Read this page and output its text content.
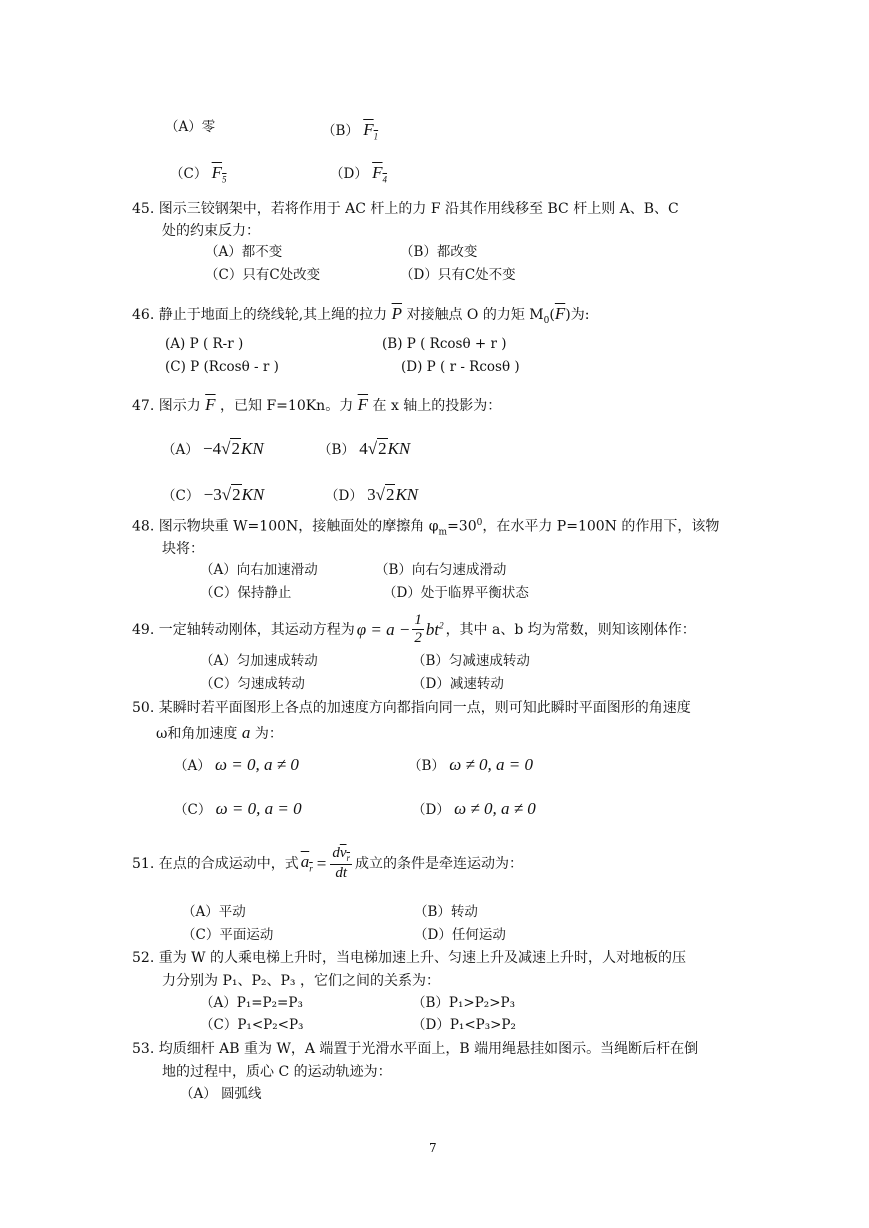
（A）零	（B） $F_1$
（C） $F_5$	（D） $F_4$
45. 图示三铰钢架中，若将作用于 AC 杆上的力 F 沿其作用线移至 BC 杆上则 A、B、C
处的约束反力：
（A）都不变	（B）都改变
（C）只有C处改变	（D）只有C处不变
46. 静止于地面上的绕线轮,其上绳的拉力 $\overline{P}$ 对接触点 O 的力矩 $M_0(\overline{F})$为:
(A) P ( R-r )	(B) P ( Rcosθ + r )
(C) P (Rcosθ - r )	(D) P ( r - Rcosθ )
47. 图示力 $\overline{F}$ ，已知 F=10Kn。力 $\overline{F}$ 在 x 轴上的投影为：
（A） −4√2KN	（B） 4√2KN
（C） −3√2KN	（D） 3√2KN
48. 图示物块重 W=100N，接触面处的摩擦角 $\varphi_m=30^0$，在水平力 P=100N 的作用下，该物
块将：
（A）向右加速滑动	（B）向右匀速成滑动
（C）保持静止	（D）处于临界平衡状态
49. 一定轴转动刚体，其运动方程为 $\varphi = a - \frac{1}{2} bt^2$ ，其中 a、b 均为常数，则知该刚体作：
（A）匀加速成转动	（B）匀减速成转动
（C）匀速成转动	（D）减速转动
50. 某瞬时若平面图形上各点的加速度方向都指向同一点，则可知此瞬时平面图形的角速度
ω和角加速度 a 为：
（A） ω = 0, a ≠ 0	（B） ω ≠ 0, a = 0
（C） ω = 0, a = 0	（D） ω ≠ 0, a ≠ 0
51. 在点的合成运动中，式 $a_r = \frac{dv_r}{dt}$ 成立的条件是牵连运动为：
（A）平动	（B）转动
（C）平面运动	（D）任何运动
52. 重为 W 的人乘电梯上升时，当电梯加速上升、匀速上升及减速上升时，人对地板的压
力分别为 P₁、P₂、P₃ ，它们之间的关系为：
（A）P₁=P₂=P₃	（B）P₁>P₂>P₃
（C）P₁<P₂<P₃	（D）P₁<P₃>P₂
53. 均质细杆 AB 重为 W，A 端置于光滑水平面上，B 端用绳悬挂如图示。当绳断后杆在倒
地的过程中，质心 C 的运动轨迹为：
（A） 圆弧线
7
